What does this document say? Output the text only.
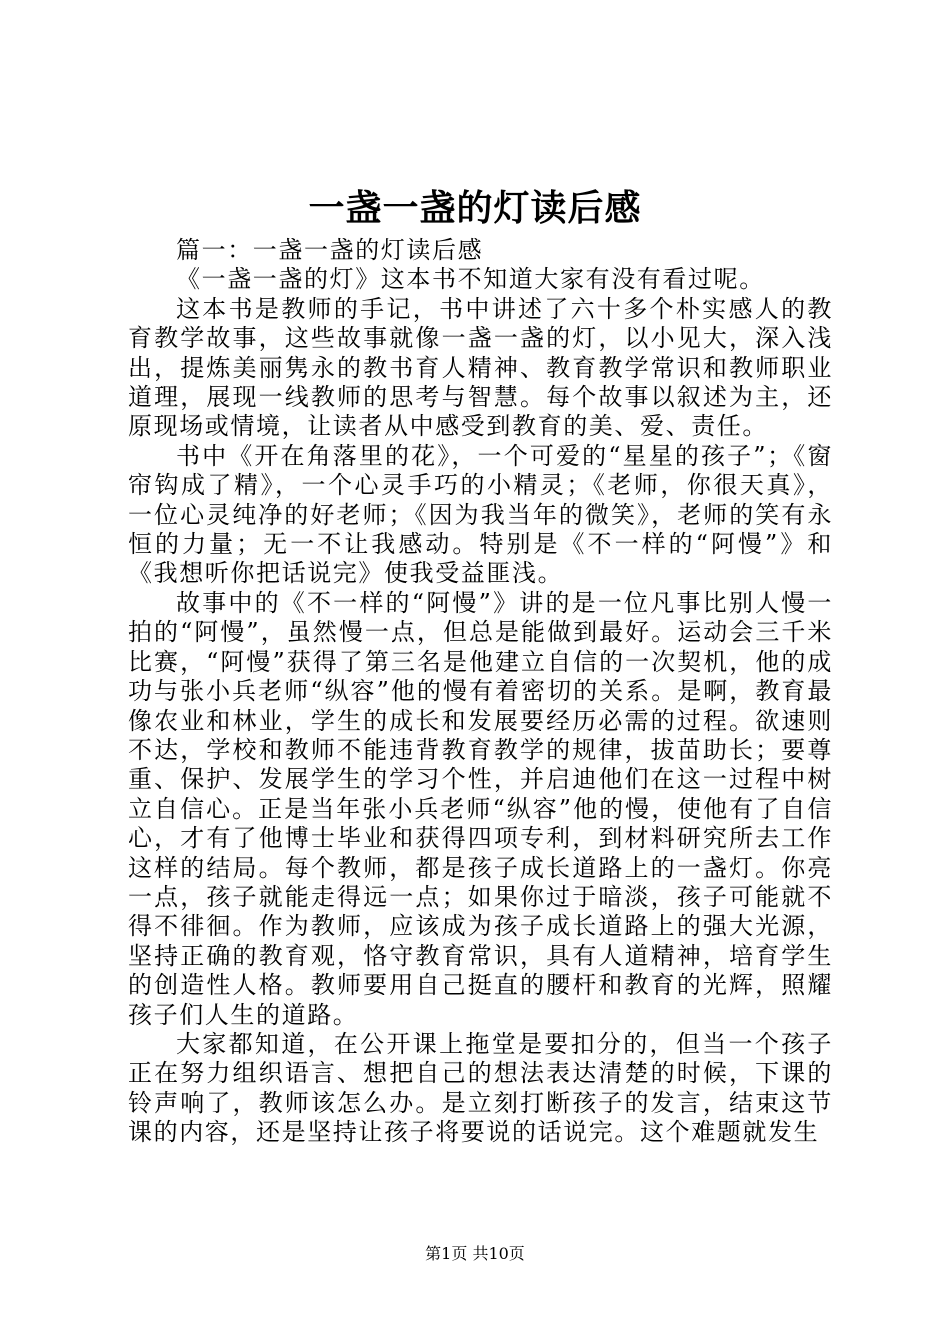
一盏一盏的灯读后感

篇一：一盏一盏的灯读后感

《一盏一盏的灯》这本书不知道大家有没有看过呢。

这本书是教师的手记，书中讲述了六十多个朴实感人的教育教学故事，这些故事就像一盏一盏的灯，以小见大，深入浅出，提炼美丽隽永的教书育人精神、教育教学常识和教师职业道理，展现一线教师的思考与智慧。每个故事以叙述为主，还原现场或情境，让读者从中感受到教育的美、爱、责任。

书中《开在角落里的花》，一个可爱的“星星的孩子”；《窗帘钩成了精》，一个心灵手巧的小精灵；《老师，你很天真》，一位心灵纯净的好老师；《因为我当年的微笑》，老师的笑有永恒的力量；无一不让我感动。特别是《不一样的“阿慢”》和《我想听你把话说完》使我受益匪浅。

故事中的《不一样的“阿慢”》讲的是一位凡事比别人慢一拍的“阿慢”，虽然慢一点，但总是能做到最好。运动会三千米比赛，“阿慢”获得了第三名是他建立自信的一次契机，他的成功与张小兵老师“纵容”他的慢有着密切的关系。是啊，教育最像农业和林业，学生的成长和发展要经历必需的过程。欲速则不达，学校和教师不能违背教育教学的规律，拔苗助长；要尊重、保护、发展学生的学习个性，并启迪他们在这一过程中树立自信心。正是当年张小兵老师“纵容”他的慢，使他有了自信心，才有了他博士毕业和获得四项专利，到材料研究所去工作这样的结局。每个教师，都是孩子成长道路上的一盏灯。你亮一点，孩子就能走得远一点；如果你过于暗淡，孩子可能就不得不徘徊。作为教师，应该成为孩子成长道路上的强大光源，坚持正确的教育观，恪守教育常识，具有人道精神，培育学生的创造性人格。教师要用自己挺直的腰杆和教育的光辉，照耀孩子们人生的道路。

大家都知道，在公开课上拖堂是要扣分的，但当一个孩子正在努力组织语言、想把自己的想法表达清楚的时候，下课的铃声响了，教师该怎么办。是立刻打断孩子的发言，结束这节课的内容，还是坚持让孩子将要说的话说完。这个难题就发生

第1页 共10页
